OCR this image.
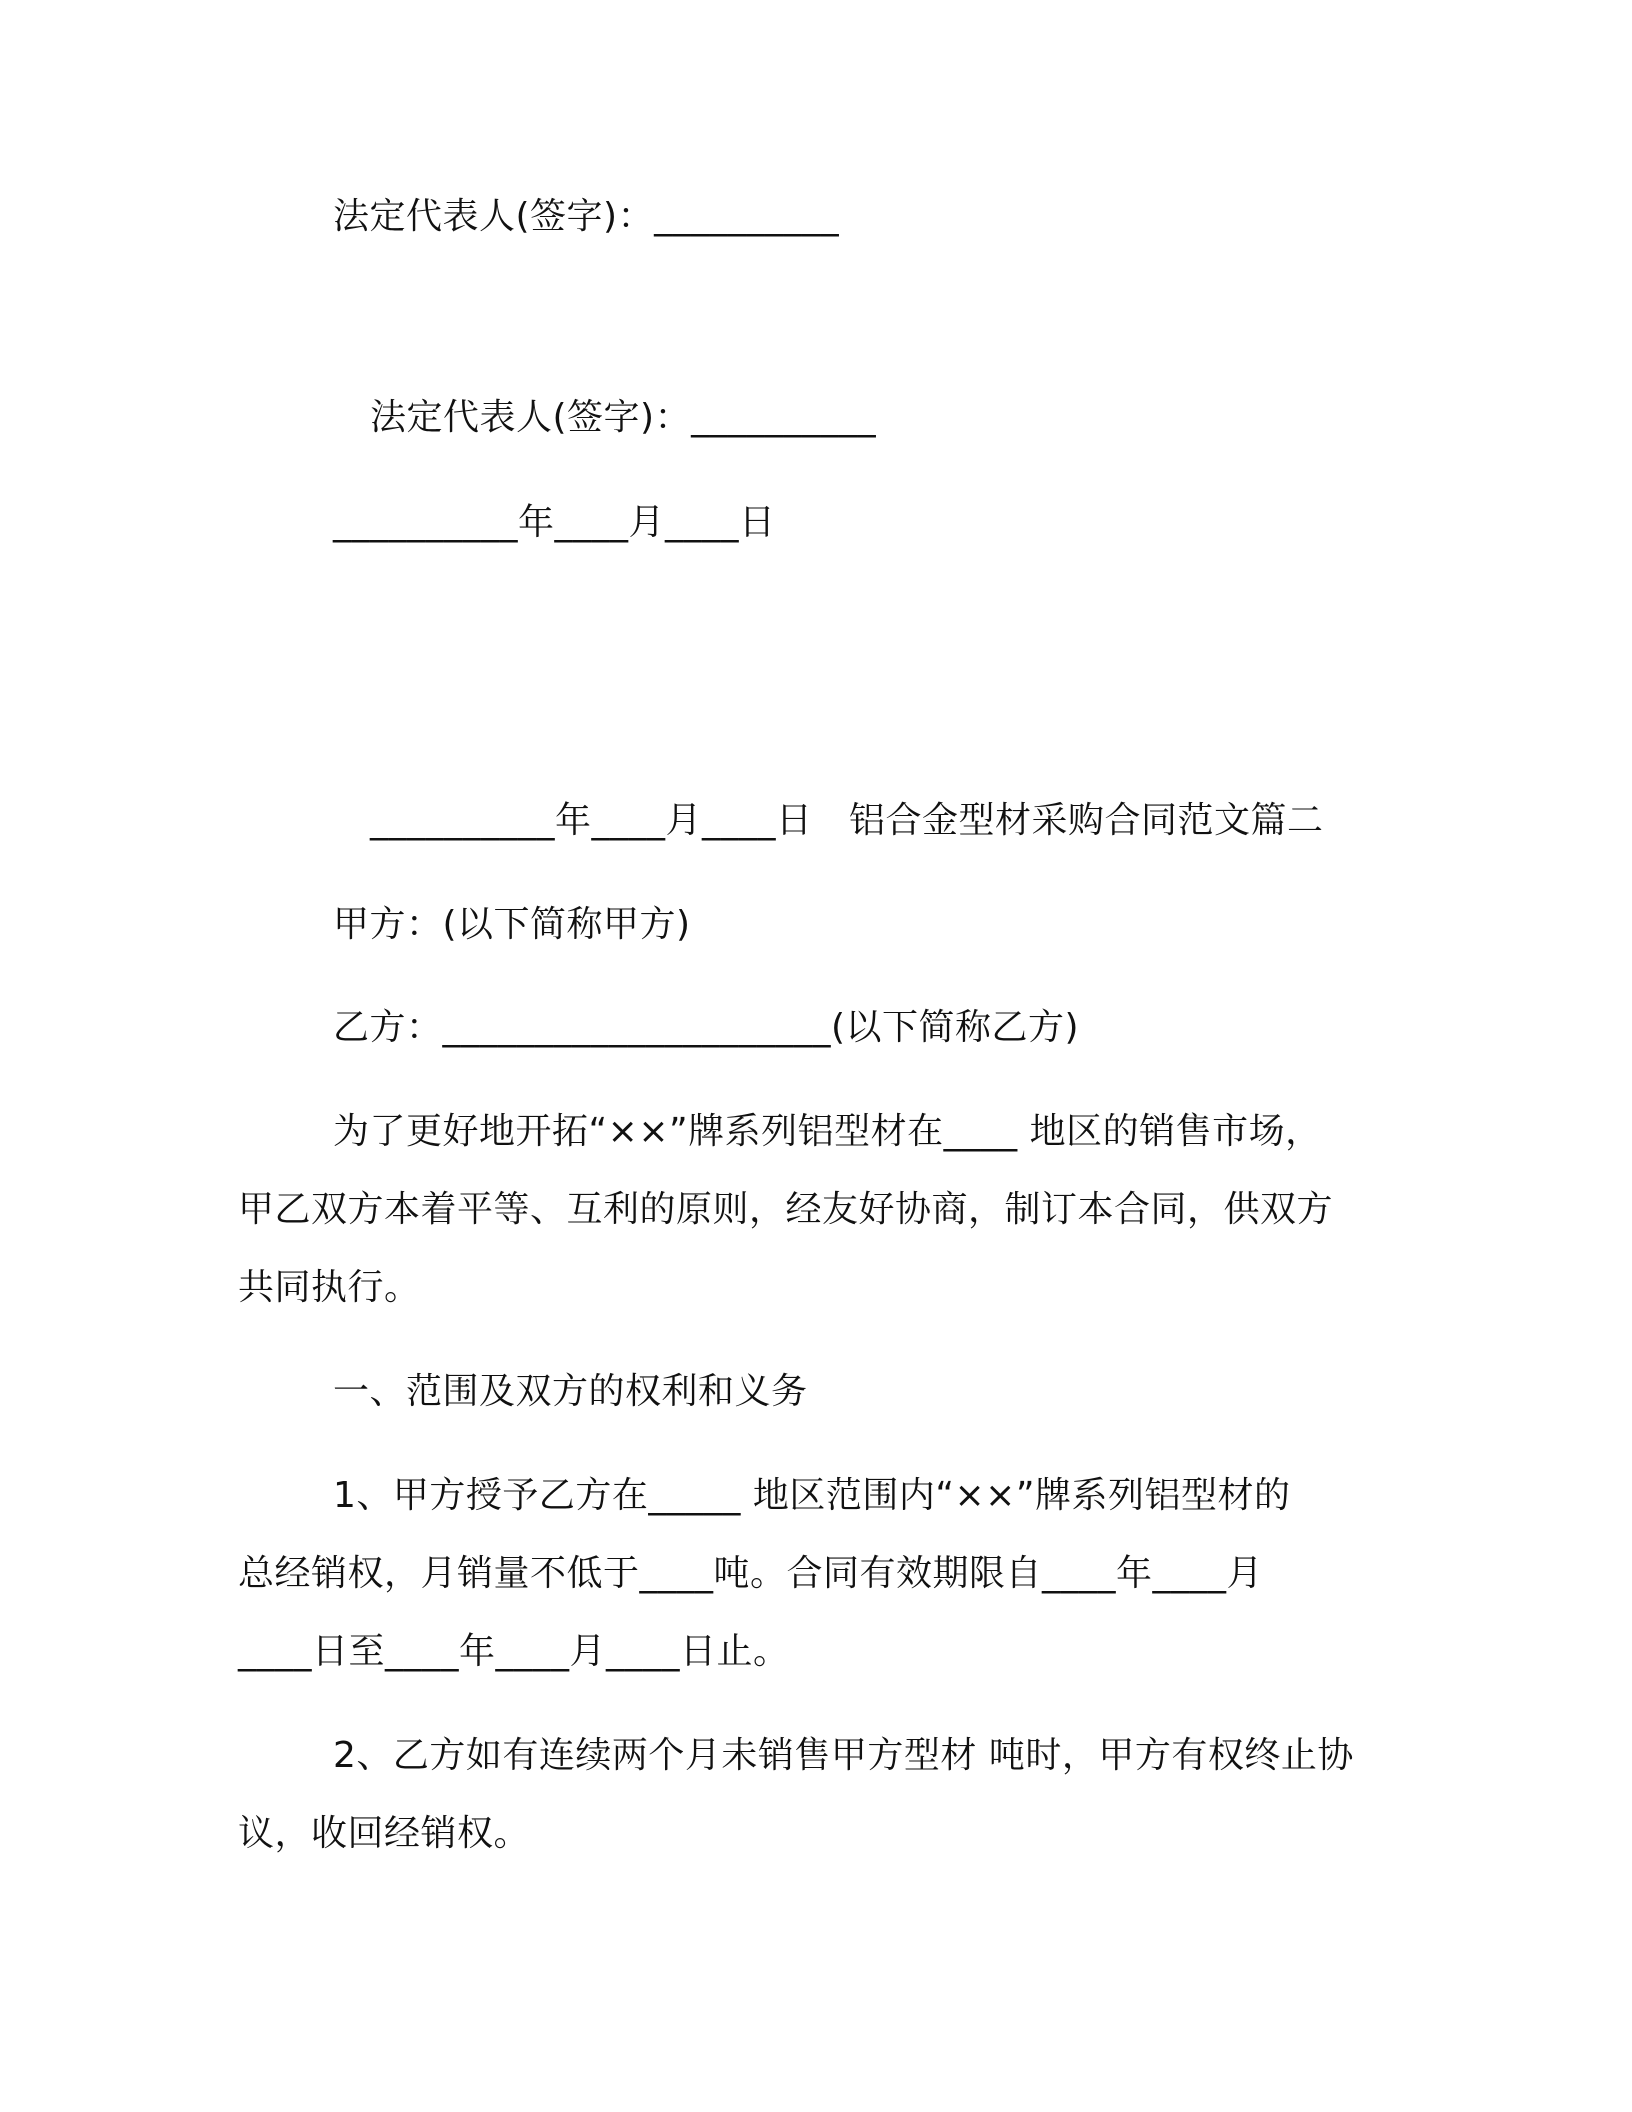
法定代表人(签字)：__________
法定代表人(签字)：__________
__________年____月____日
__________年____月____日　铝合金型材采购合同范文篇二
甲方：(以下简称甲方)
乙方：_____________________(以下简称乙方)
为了更好地开拓“××”牌系列铝型材在____ 地区的销售市场，
甲乙双方本着平等、互利的原则，经友好协商，制订本合同，供双方
共同执行。
一、范围及双方的权利和义务
1、甲方授予乙方在_____ 地区范围内“××”牌系列铝型材的
总经销权，月销量不低于____吨。合同有效期限自____年____月
____日至____年____月____日止。
2、乙方如有连续两个月未销售甲方型材 吨时，甲方有权终止协
议，收回经销权。
